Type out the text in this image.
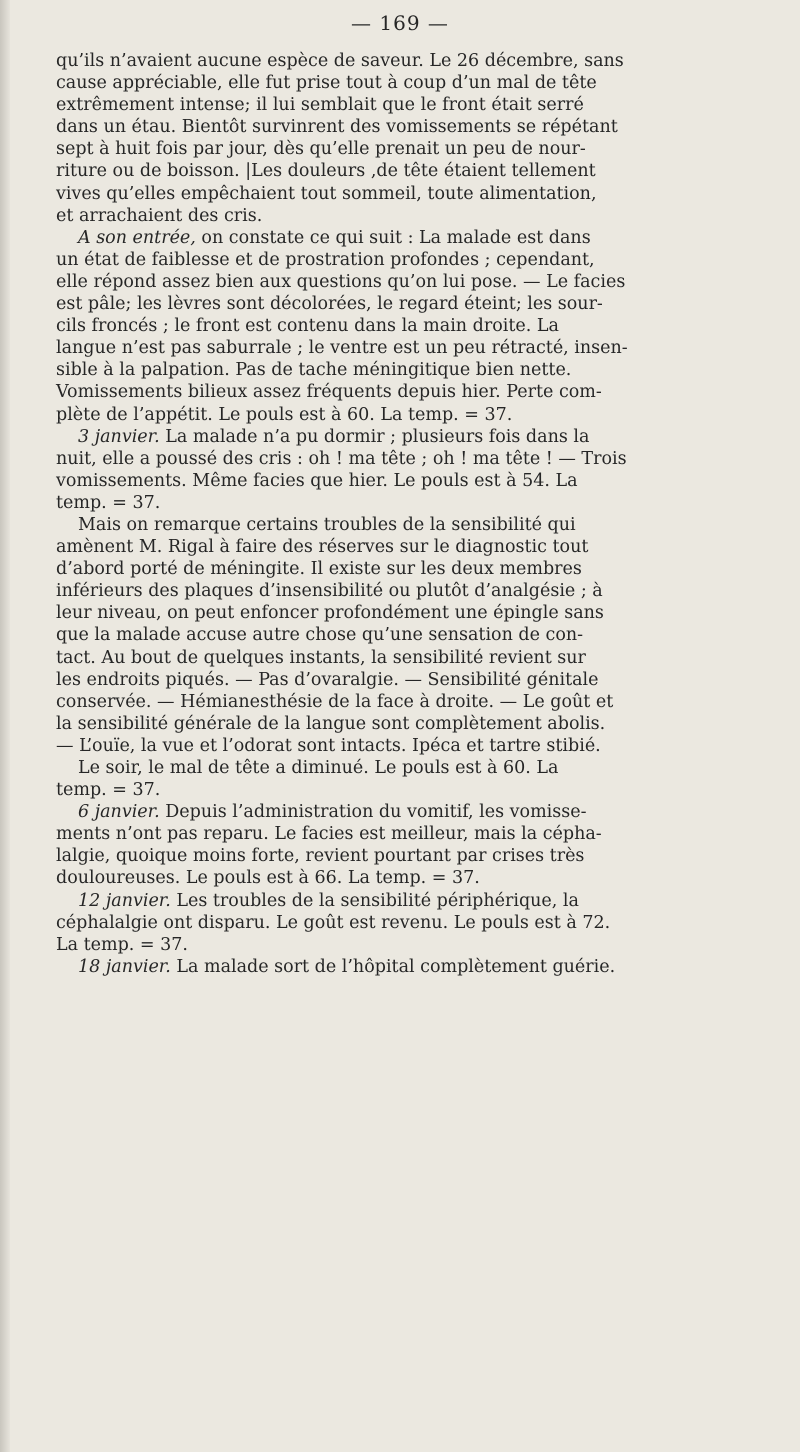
— 169 —
qu’ils n’avaient aucune espèce de saveur. Le 26 décembre, sans
cause appréciable, elle fut prise tout à coup d’un mal de tête
extrêmement intense; il lui semblait que le front était serré
dans un étau. Bientôt survinrent des vomissements se répétant
sept à huit fois par jour, dès qu’elle prenait un peu de nour-
riture ou de boisson. |Les douleurs ,de tête étaient tellement
vives qu’elles empêchaient tout sommeil, toute alimentation,
et arrachaient des cris.
A son entrée, on constate ce qui suit : La malade est dans
un état de faiblesse et de prostration profondes ; cependant,
elle répond assez bien aux questions qu’on lui pose. — Le facies
est pâle; les lèvres sont décolorées, le regard éteint; les sour-
cils froncés ; le front est contenu dans la main droite. La
langue n’est pas saburrale ; le ventre est un peu rétracté, insen-
sible à la palpation. Pas de tache méningitique bien nette.
Vomissements bilieux assez fréquents depuis hier. Perte com-
plète de l’appétit. Le pouls est à 60. La temp. = 37.
3 janvier. La malade n’a pu dormir ; plusieurs fois dans la
nuit, elle a poussé des cris : oh ! ma tête ; oh ! ma tête ! — Trois
vomissements. Même facies que hier. Le pouls est à 54. La
temp. = 37.
Mais on remarque certains troubles de la sensibilité qui
amènent M. Rigal à faire des réserves sur le diagnostic tout
d’abord porté de méningite. Il existe sur les deux membres
inférieurs des plaques d’insensibilité ou plutôt d’analgésie ; à
leur niveau, on peut enfoncer profondément une épingle sans
que la malade accuse autre chose qu’une sensation de con-
tact. Au bout de quelques instants, la sensibilité revient sur
les endroits piqués. — Pas d’ovaralgie. — Sensibilité génitale
conservée. — Hémianesthésie de la face à droite. — Le goût et
la sensibilité générale de la langue sont complètement abolis.
— L’ouïe, la vue et l’odorat sont intacts. Ipéca et tartre stibié.
Le soir, le mal de tête a diminué. Le pouls est à 60. La
temp. = 37.
6 janvier. Depuis l’administration du vomitif, les vomisse-
ments n’ont pas reparu. Le facies est meilleur, mais la cépha-
lalgie, quoique moins forte, revient pourtant par crises très
douloureuses. Le pouls est à 66. La temp. = 37.
12 janvier. Les troubles de la sensibilité périphérique, la
céphalalgie ont disparu. Le goût est revenu. Le pouls est à 72.
La temp. = 37.
18 janvier. La malade sort de l’hôpital complètement guérie.
